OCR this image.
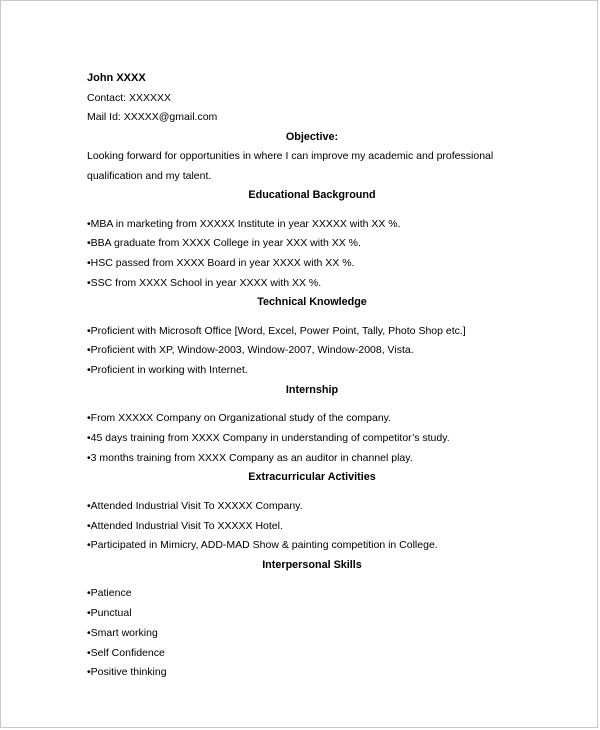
John XXXX
Contact: XXXXXX
Mail Id: XXXXX@gmail.com
Objective:
Looking forward for opportunities in where I can improve my academic and professional qualification and my talent.
Educational Background
•MBA in marketing from XXXXX Institute in year XXXXX with XX %.
•BBA graduate from XXXX College in year XXX with XX %.
•HSC passed from XXXX Board in year XXXX with XX %.
•SSC from XXXX School in year XXXX with XX %.
Technical Knowledge
•Proficient with Microsoft Office [Word, Excel, Power Point, Tally, Photo Shop etc.]
•Proficient with XP, Window-2003, Window-2007, Window-2008, Vista.
•Proficient in working with Internet.
Internship
•From XXXXX Company on Organizational study of the company.
•45 days training from XXXX Company in understanding of competitor’s study.
•3 months training from XXXX Company as an auditor in channel play.
Extracurricular Activities
•Attended Industrial Visit To XXXXX Company.
•Attended Industrial Visit To XXXXX Hotel.
•Participated in Mimicry, ADD-MAD Show & painting competition in College.
Interpersonal Skills
•Patience
•Punctual
•Smart working
•Self Confidence
•Positive thinking
